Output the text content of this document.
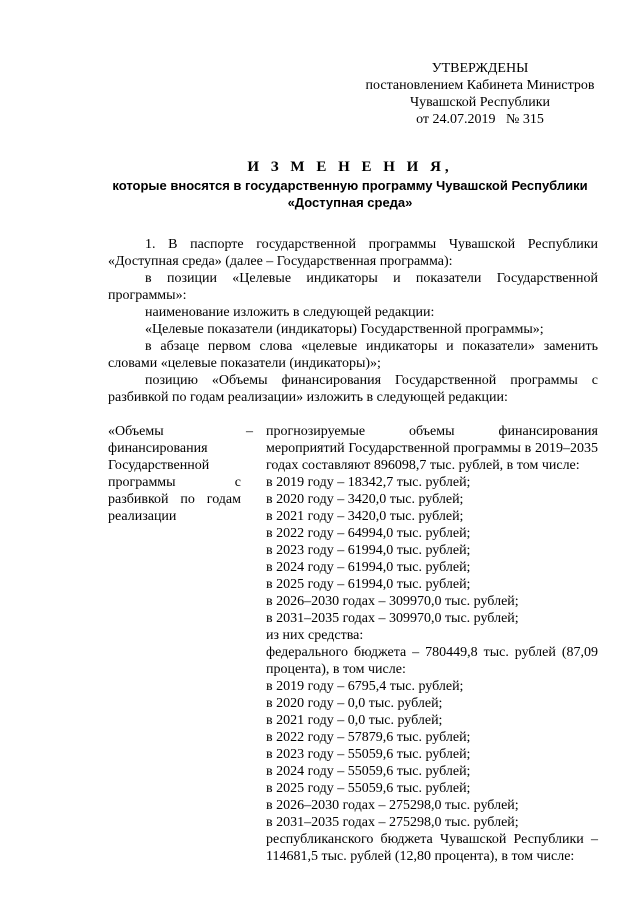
УТВЕРЖДЕНЫ
постановлением Кабинета Министров
Чувашской Республики
от 24.07.2019   № 315
И З М Е Н Е Н И Я,
которые вносятся в государственную программу Чувашской Республики
«Доступная среда»

1. В паспорте государственной программы Чувашской Республики «Доступная среда» (далее – Государственная программа):

в позиции «Целевые индикаторы и показатели Государственной программы»:

наименование изложить в следующей редакции:

«Целевые показатели (индикаторы) Государственной программы»;

в абзаце первом слова «целевые индикаторы и показатели» заменить словами «целевые показатели (индикаторы)»;

позицию «Объемы финансирования Государственной программы с разбивкой по годам реализации» изложить в следующей редакции:

«Объемы финансирования Государственной программы с разбивкой по годам реализации
– прогнозируемые объемы финансирования мероприятий Государственной программы в 2019–2035 годах составляют 896098,7 тыс. рублей, в том числе:
в 2019 году – 18342,7 тыс. рублей;
в 2020 году – 3420,0 тыс. рублей;
в 2021 году – 3420,0 тыс. рублей;
в 2022 году – 64994,0 тыс. рублей;
в 2023 году – 61994,0 тыс. рублей;
в 2024 году – 61994,0 тыс. рублей;
в 2025 году – 61994,0 тыс. рублей;
в 2026–2030 годах – 309970,0 тыс. рублей;
в 2031–2035 годах – 309970,0 тыс. рублей;
из них средства:
федерального бюджета – 780449,8 тыс. рублей (87,09 процента), в том числе:
в 2019 году – 6795,4 тыс. рублей;
в 2020 году – 0,0 тыс. рублей;
в 2021 году – 0,0 тыс. рублей;
в 2022 году – 57879,6 тыс. рублей;
в 2023 году – 55059,6 тыс. рублей;
в 2024 году – 55059,6 тыс. рублей;
в 2025 году – 55059,6 тыс. рублей;
в 2026–2030 годах – 275298,0 тыс. рублей;
в 2031–2035 годах – 275298,0 тыс. рублей;
республиканского бюджета Чувашской Республики – 114681,5 тыс. рублей (12,80 процента), в том числе:
